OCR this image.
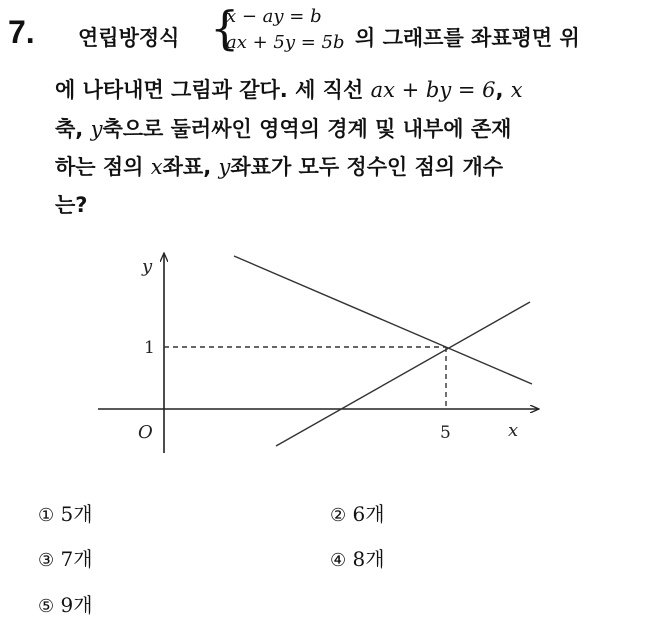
7. 연립방정식 {
x − ay = b
ax + 5y = 5b 의 그래프를 좌표평면 위
에 나타내면 그림과 같다. 세 직선 ax + by = 6, x
축, y축으로 둘러싸인 영역의 경계 및 내부에 존재
하는 점의 x좌표, y좌표가 모두 정수인 점의 개수
는?
y
x
O
1
5
① 5개	② 6개
③ 7개	④ 8개
⑤ 9개
